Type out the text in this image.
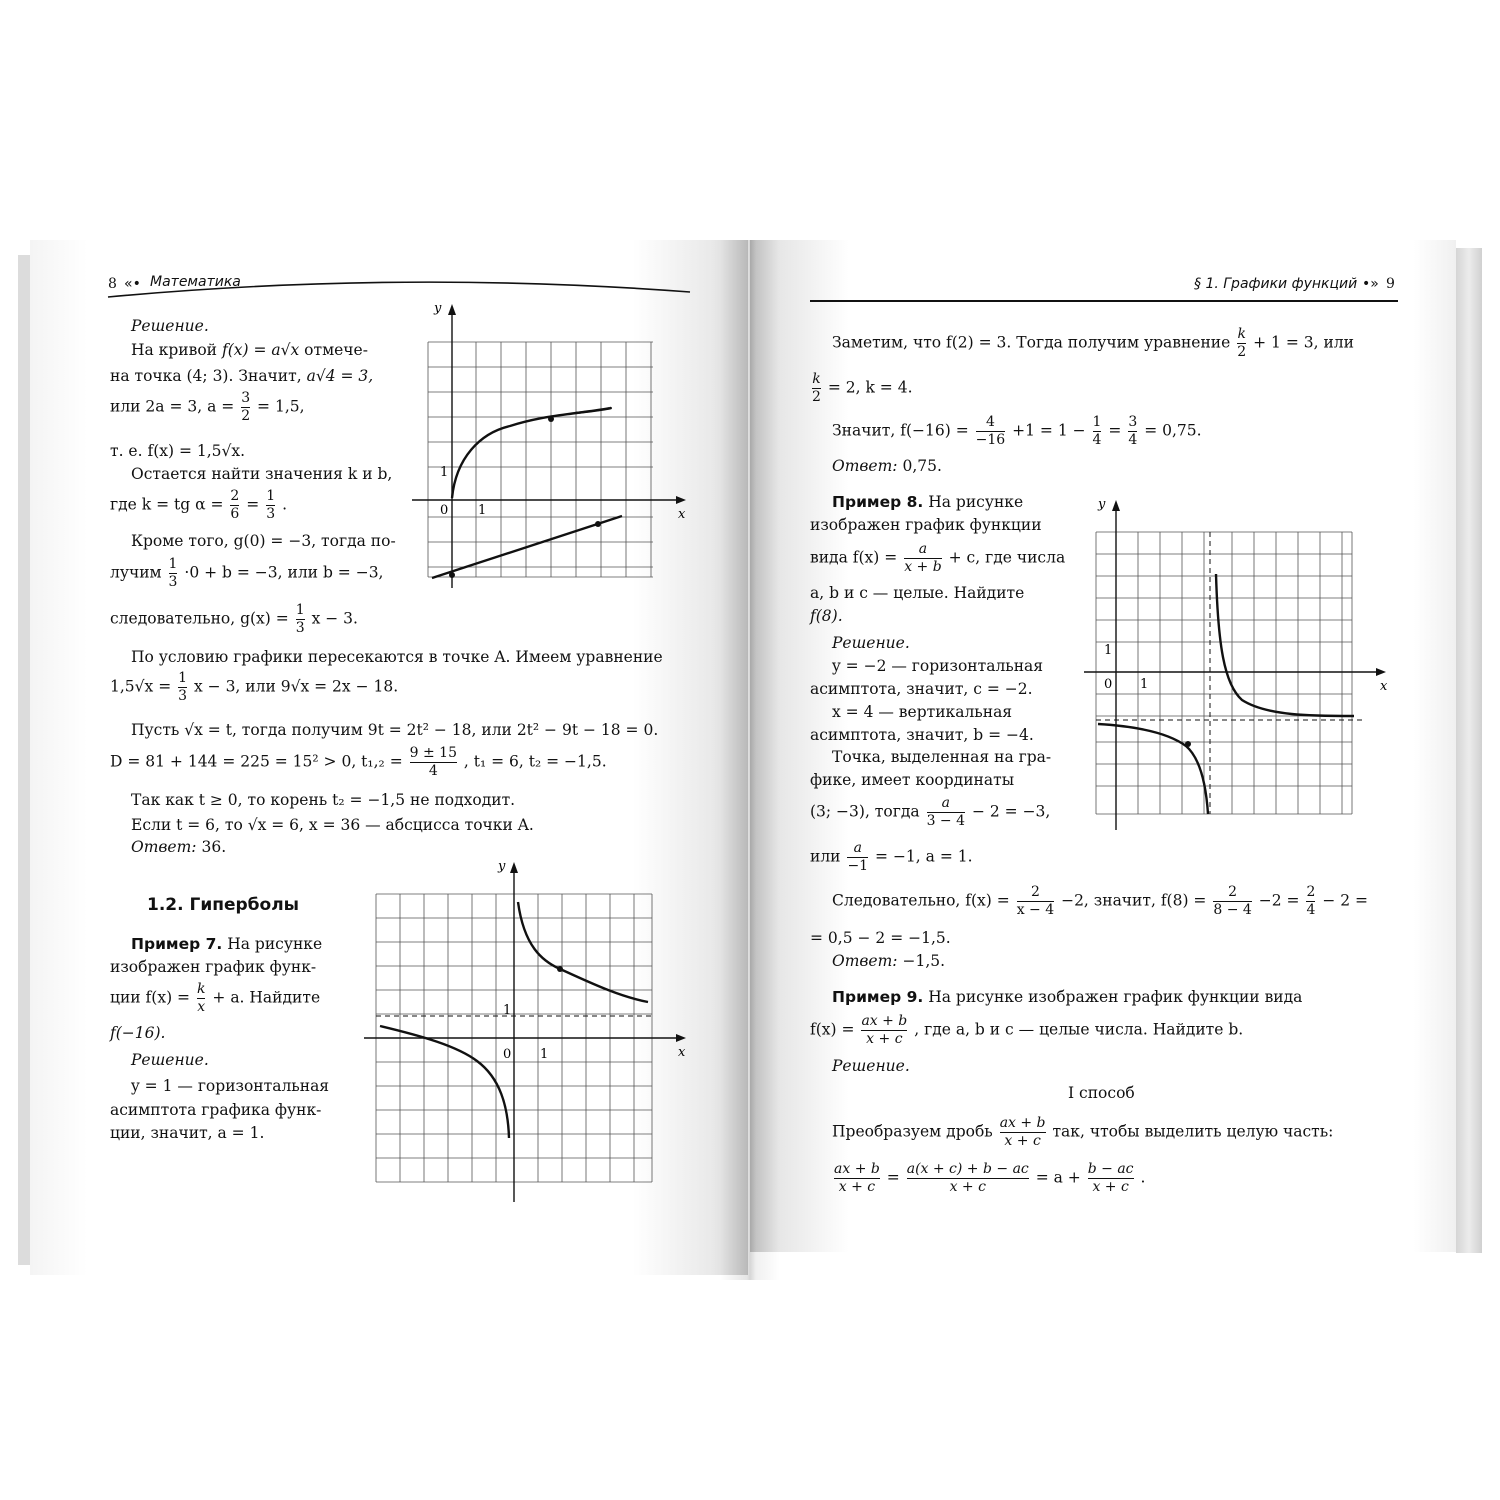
8 «• Математика
Решение.
На кривой f(x) = a√x отмече-
на точка (4; 3). Значит, a√4 = 3,
или 2a = 3, $a = \frac{3}{2} = 1,5$,
т. е. f(x) = 1,5√x.
Остается найти значения k и b,
где k = tg $\alpha = \frac{2}{6} = \frac{1}{3}$ .
Кроме того, g(0) = −3, тогда по-
лучим $\frac{1}{3} \cdot 0 + b = -3$, или b = −3,
следовательно, $g(x) = \frac{1}{3}$ x − 3.
По условию графики пересекаются в точке A. Имеем уравнение
$1,5√x = \frac{1}{3}$ x − 3, или 9√x = 2x − 18.
Пусть √x = t, тогда получим 9t = 2t² − 18, или 2t² − 9t − 18 = 0.
D = 81 + 144 = 225 = 15² > 0, $t_1,_2 = \frac{9 \pm 15}{4}$ , t₁ = 6, t₂ = −1,5.
Так как t ≥ 0, то корень t₂ = −1,5 не подходит.
Если t = 6, то √x = 6, x = 36 — абсцисса точки A.
Ответ: 36.
1.2. Гиперболы
Пример 7. На рисунке
изображен график функ-
ции $f(x) = \frac{k}{x} + a$. Найдите
f(−16).
Решение.
y = 1 — горизонтальная
асимптота графика функ-
ции, значит, a = 1.
x
y
0 1
1
x
y
0 1
1
§ 1. Графики функций •» 9
Заметим, что f(2) = 3. Тогда получим уравнение $\frac{k}{2} + 1 = 3$, или
$\frac{k}{2} = 2$, k = 4.
Значит, $f(-16) = \frac{4}{-16} +1 = 1 - \frac{1}{4} = \frac{3}{4} = 0,75$.
Ответ: 0,75.
Пример 8. На рисунке
изображен график функции
вида $f(x) = \frac{a}{x + b} + c$, где числа
a, b и c — целые. Найдите
f(8).
Решение.
y = −2 — горизонтальная
асимптота, значит, c = −2.
x = 4 — вертикальная
асимптота, значит, b = −4.
Точка, выделенная на гра-
фике, имеет координаты
(3; −3), тогда $\frac{a}{3 - 4} - 2 = -3$,
или $\frac{a}{-1} = -1$, a = 1.
Следовательно, $f(x) = \frac{2}{x - 4} -2$, значит, $f(8) = \frac{2}{8 - 4} -2 = \frac{2}{4} - 2$ =
= 0,5 − 2 = −1,5.
Ответ: −1,5.
Пример 9. На рисунке изображен график функции вида
$f(x) = \frac{ax + b}{x + c}$ , где a, b и c — целые числа. Найдите b.
Решение.
I способ
Преобразуем дробь $\frac{ax + b}{x + c}$ так, чтобы выделить целую часть:
$\frac{ax + b}{x + c} = \frac{a(x + c) + b - ac}{x + c} = a + \frac{b - ac}{x + c}$ .
x
y
0 1
1
